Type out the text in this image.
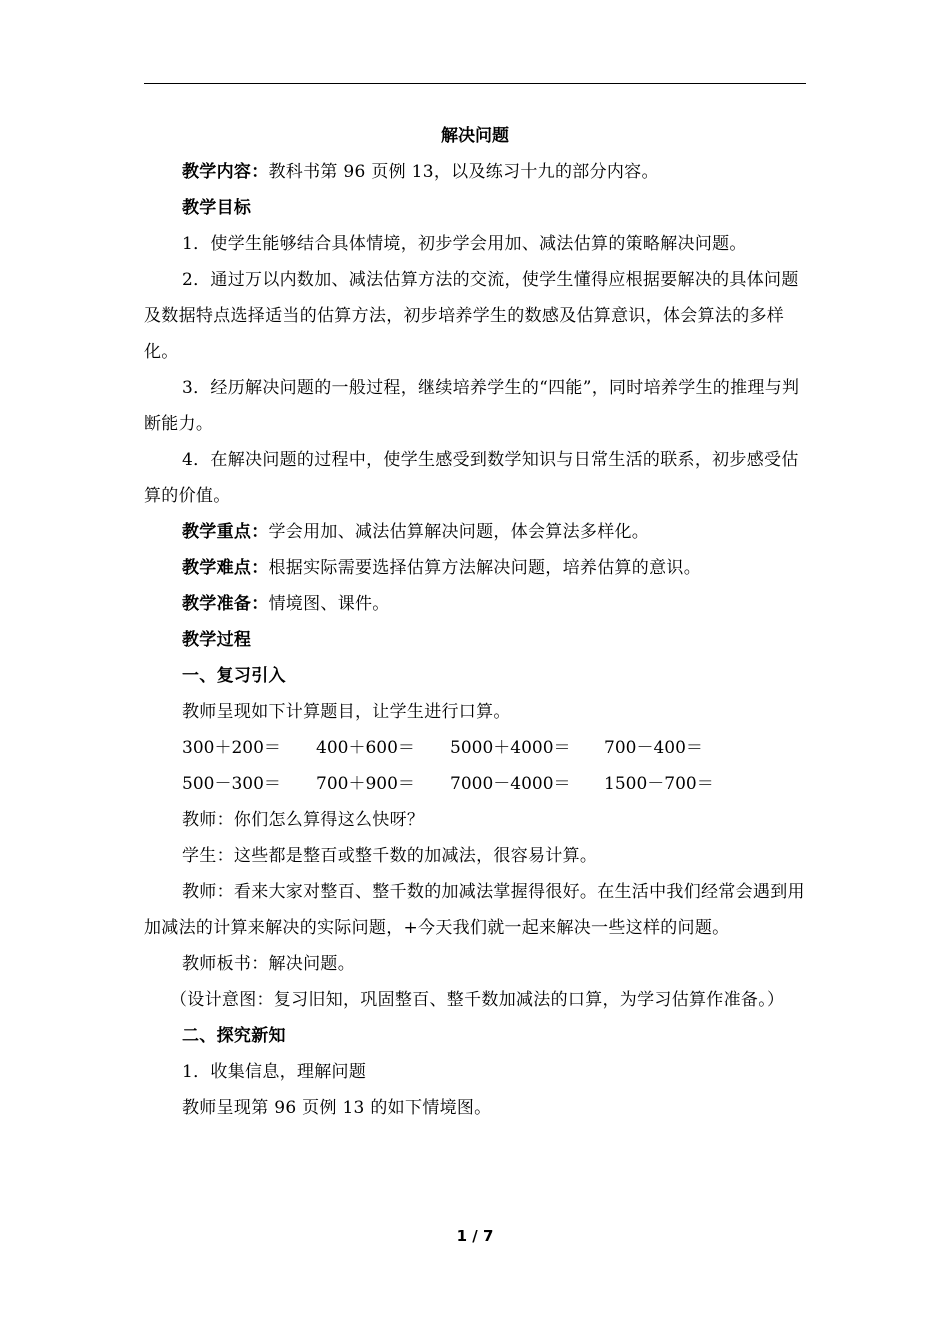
解决问题

教学内容：教科书第 96 页例 13，以及练习十九的部分内容。

教学目标

1．使学生能够结合具体情境，初步学会用加、减法估算的策略解决问题。

2．通过万以内数加、减法估算方法的交流，使学生懂得应根据要解决的具体问题及数据特点选择适当的估算方法，初步培养学生的数感及估算意识，体会算法的多样化。

3．经历解决问题的一般过程，继续培养学生的“四能”，同时培养学生的推理与判断能力。

4．在解决问题的过程中，使学生感受到数学知识与日常生活的联系，初步感受估算的价值。

教学重点：学会用加、减法估算解决问题，体会算法多样化。

教学难点：根据实际需要选择估算方法解决问题，培养估算的意识。

教学准备：情境图、课件。

教学过程

一、复习引入

教师呈现如下计算题目，让学生进行口算。

300＋200＝	400＋600＝	5000＋4000＝	700－400＝
500－300＝	700＋900＝	7000－4000＝	1500－700＝

教师：你们怎么算得这么快呀？

学生：这些都是整百或整千数的加减法，很容易计算。

教师：看来大家对整百、整千数的加减法掌握得很好。在生活中我们经常会遇到用加减法的计算来解决的实际问题，+今天我们就一起来解决一些这样的问题。

教师板书：解决问题。

（设计意图：复习旧知，巩固整百、整千数加减法的口算，为学习估算作准备。）

二、探究新知

1．收集信息，理解问题

教师呈现第 96 页例 13 的如下情境图。

1 / 7
